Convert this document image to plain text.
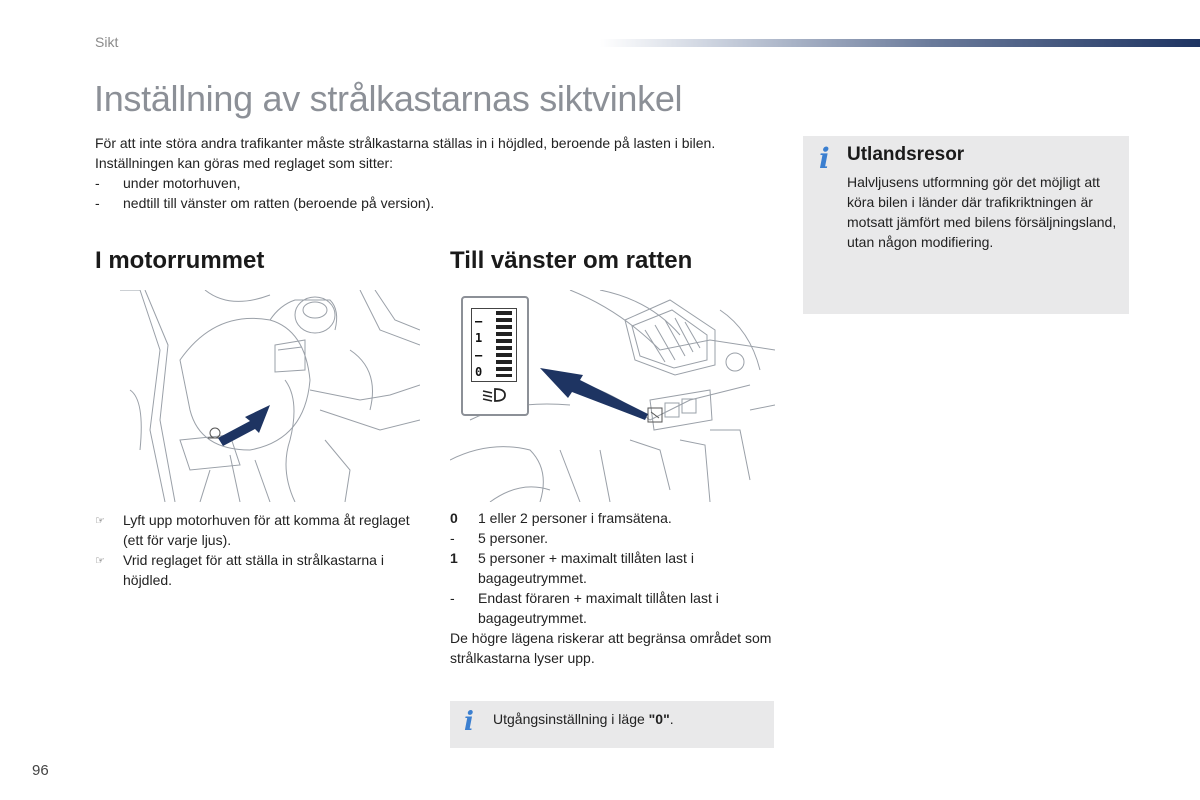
Sikt
Inställning av strålkastarnas siktvinkel

För att inte störa andra trafikanter måste strålkastarna ställas in i höjdled, beroende på lasten i bilen.

Inställningen kan göras med reglaget som sitter:

-	under motorhuven,
-	nedtill till vänster om ratten (beroende på version).
I motorrummet	Till vänster om ratten
—
1
—
0
☞	Lyft upp motorhuven för att komma åt reglaget (ett för varje ljus).
☞	Vrid reglaget för att ställa in strålkastarna i höjdled.
0	1 eller 2 personer i framsätena.
-	5 personer.
1	5 personer + maximalt tillåten last i bagageutrymmet.
-	Endast föraren + maximalt tillåten last i bagageutrymmet.

De högre lägena riskerar att begränsa området som strålkastarna lyser upp.

i Utlandsresor
Halvljusens utformning gör det möjligt att köra bilen i länder där trafikriktningen är motsatt jämfört med bilens försäljningsland, utan någon modifiering.
i Utgångsinställning i läge "0".
96
